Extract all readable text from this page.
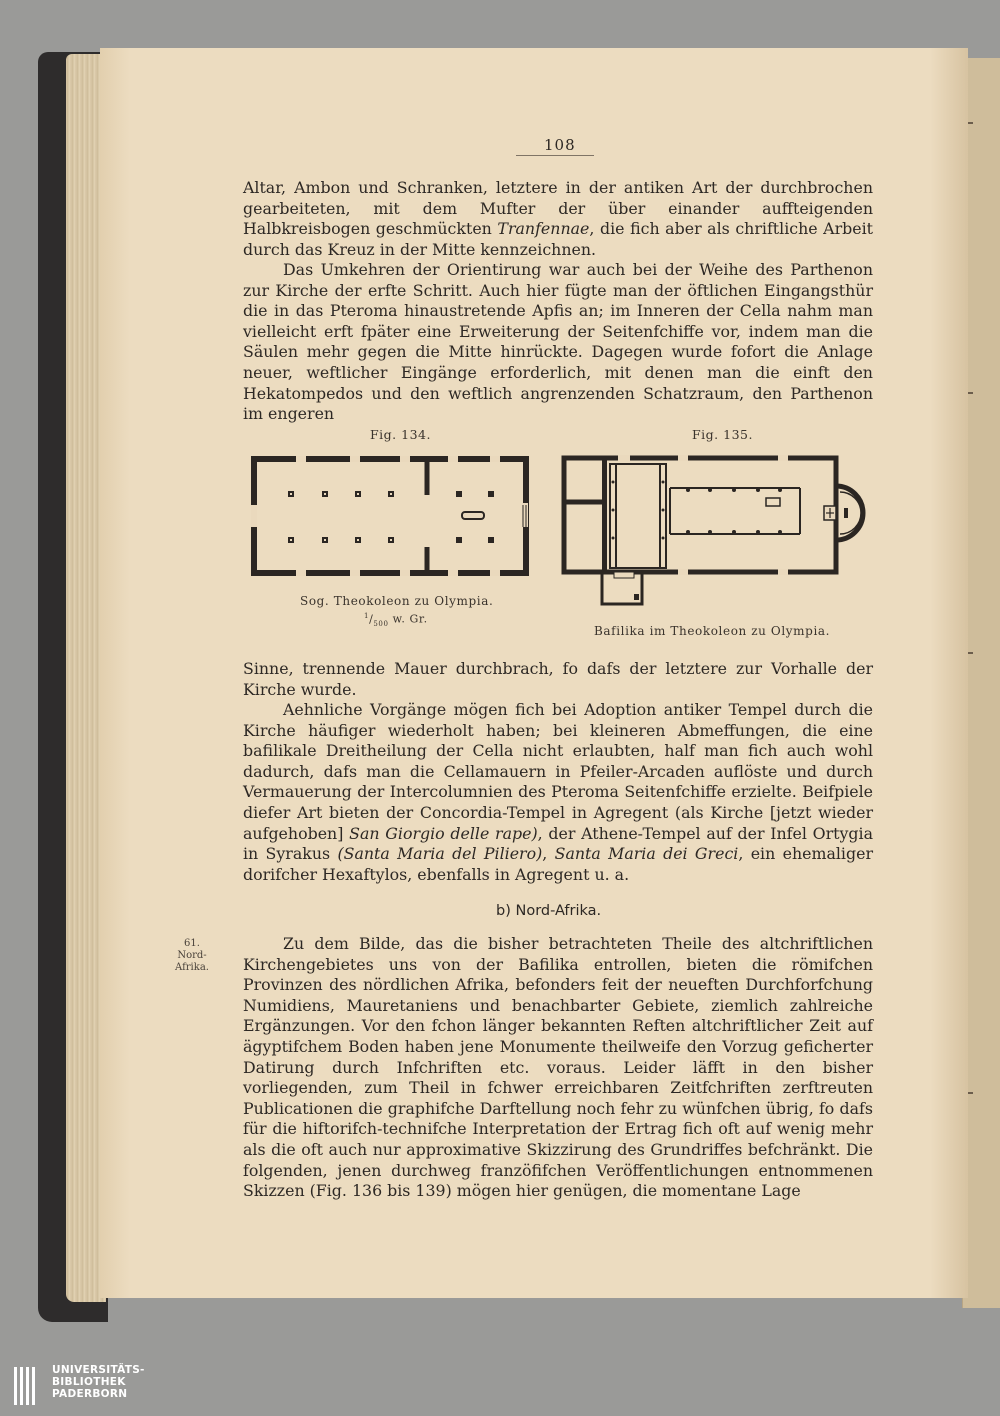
108

Altar, Ambon und Schranken, letztere in der antiken Art der durchbrochen gearbeiteten, mit dem Mufter der über einander auffteigenden Halbkreisbogen geschmückten Tranfennae, die fich aber als chriftliche Arbeit durch das Kreuz in der Mitte kennzeichnen.

Das Umkehren der Orientirung war auch bei der Weihe des Parthenon zur Kirche der erfte Schritt. Auch hier fügte man der öftlichen Eingangsthür die in das Pteroma hinaustretende Apfis an; im Inneren der Cella nahm man vielleicht erft fpäter eine Erweiterung der Seitenfchiffe vor, indem man die Säulen mehr gegen die Mitte hinrückte. Dagegen wurde fofort die Anlage neuer, weftlicher Eingänge erforderlich, mit denen man die einft den Hekatompedos und den weftlich angrenzenden Schatzraum, den Parthenon im engeren

Fig. 134.
Sog. Theokoleon zu Olympia.
$^1/_{500}$ w. Gr.
Fig. 135.
Bafilika im Theokoleon zu Olympia.

Sinne, trennende Mauer durchbrach, fo dafs der letztere zur Vorhalle der Kirche wurde.

Aehnliche Vorgänge mögen fich bei Adoption antiker Tempel durch die Kirche häufiger wiederholt haben; bei kleineren Abmeffungen, die eine bafilikale Dreitheilung der Cella nicht erlaubten, half man fich auch wohl dadurch, dafs man die Cellamauern in Pfeiler-Arcaden auflöste und durch Vermauerung der Intercolumnien des Pteroma Seitenfchiffe erzielte. Beifpiele diefer Art bieten der Concordia-Tempel in Agregent (als Kirche [jetzt wieder aufgehoben] San Giorgio delle rape), der Athene-Tempel auf der Infel Ortygia in Syrakus (Santa Maria del Piliero), Santa Maria dei Greci, ein ehemaliger dorifcher Hexaftylos, ebenfalls in Agregent u. a.

b) Nord-Afrika.
61.
Nord-
Afrika.

Zu dem Bilde, das die bisher betrachteten Theile des altchriftlichen Kirchengebietes uns von der Bafilika entrollen, bieten die römifchen Provinzen des nördlichen Afrika, befonders feit der neueften Durchforfchung Numidiens, Mauretaniens und benachbarter Gebiete, ziemlich zahlreiche Ergänzungen. Vor den fchon länger bekannten Reften altchriftlicher Zeit auf ägyptifchem Boden haben jene Monumente theilweife den Vorzug geficherter Datirung durch Infchriften etc. voraus. Leider läfft in den bisher vorliegenden, zum Theil in fchwer erreichbaren Zeitfchriften zerftreuten Publicationen die graphifche Darftellung noch fehr zu wünfchen übrig, fo dafs für die hiftorifch-technifche Interpretation der Ertrag fich oft auf wenig mehr als die oft auch nur approximative Skizzirung des Grundriffes befchränkt. Die folgenden, jenen durchweg franzöfifchen Veröffentlichungen entnommenen Skizzen (Fig. 136 bis 139) mögen hier genügen, die momentane Lage

UNIVERSITÄTS-
BIBLIOTHEK
PADERBORN
